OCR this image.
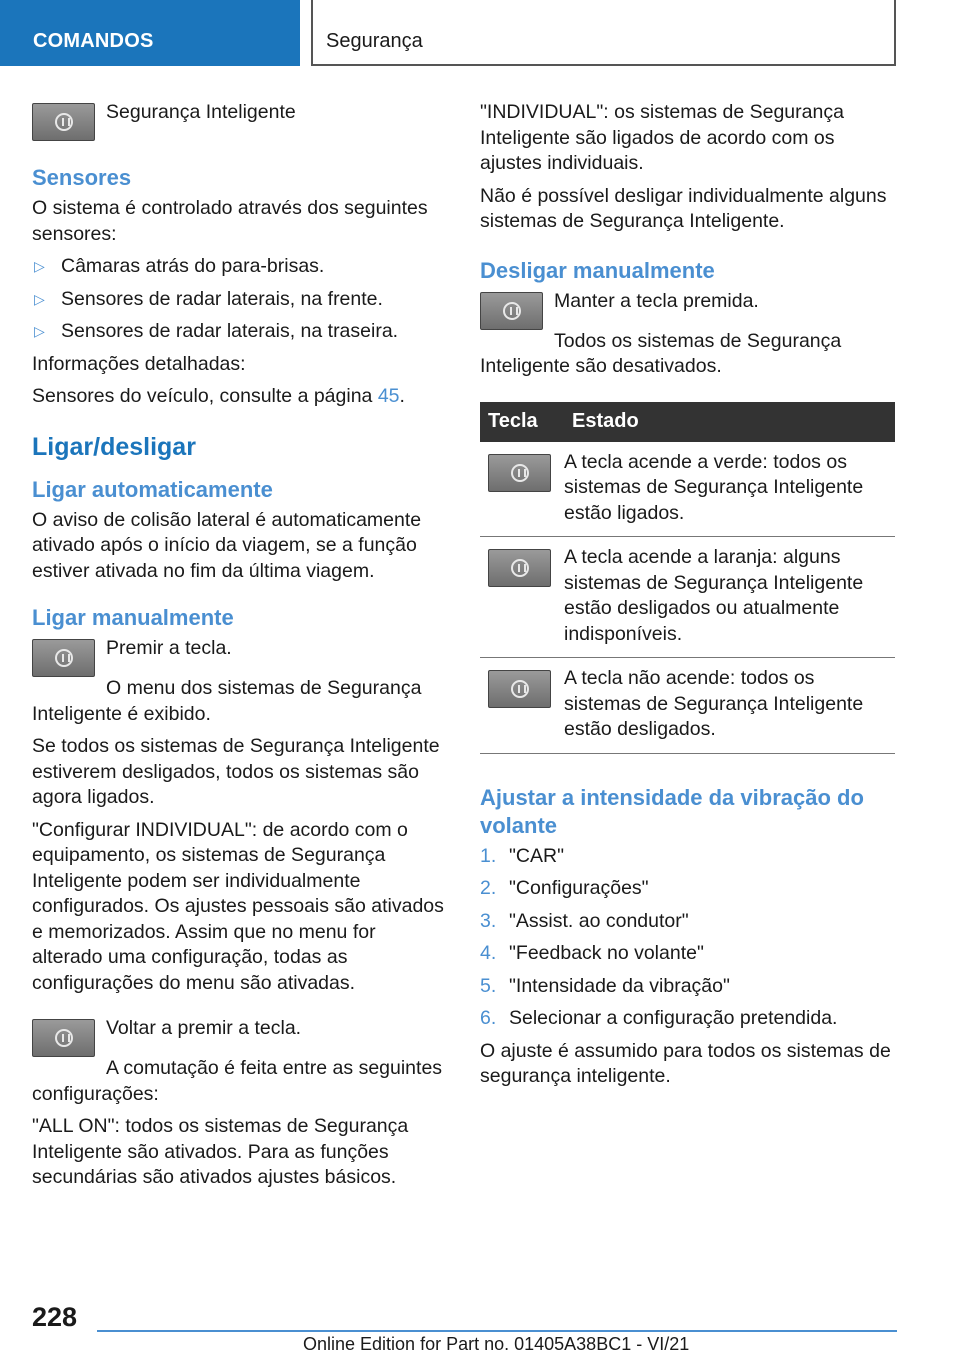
COMANDOS	Segurança

Segurança Inteligente

Sensores

O sistema é controlado através dos seguintes sensores:

▷ Câmaras atrás do para-brisas.
▷ Sensores de radar laterais, na frente.
▷ Sensores de radar laterais, na traseira.

Informações detalhadas:

Sensores do veículo, consulte a página 45.

Ligar/desligar
Ligar automaticamente

O aviso de colisão lateral é automaticamente ativado após o início da viagem, se a função estiver ativada no fim da última viagem.

Ligar manualmente

Premir a tecla.

O menu dos sistemas de Segurança Inteligente é exibido.

Se todos os sistemas de Segurança Inteligente estiverem desligados, todos os sistemas são agora ligados.

"Configurar INDIVIDUAL": de acordo com o equipamento, os sistemas de Segurança Inteligente podem ser individualmente configurados. Os ajustes pessoais são ativados e memorizados. Assim que no menu for alterado uma configuração, todas as configurações do menu são ativadas.

Voltar a premir a tecla.

A comutação é feita entre as seguintes configurações:

"ALL ON": todos os sistemas de Segurança Inteligente são ativados. Para as funções secundárias são ativados ajustes básicos.

"INDIVIDUAL": os sistemas de Segurança Inteligente são ligados de acordo com os ajustes individuais.

Não é possível desligar individualmente alguns sistemas de Segurança Inteligente.

Desligar manualmente

Manter a tecla premida.

Todos os sistemas de Segurança Inteligente são desativados.

Tecla	Estado

	A tecla acende a verde: todos os sistemas de Segurança Inteligente estão ligados.

	A tecla acende a laranja: alguns sistemas de Segurança Inteligente estão desligados ou atualmente indisponíveis.

	A tecla não acende: todos os sistemas de Segurança Inteligente estão desligados.
Ajustar a intensidade da vibração do volante
1. "CAR"
2. "Configurações"
3. "Assist. ao condutor"
4. "Feedback no volante"
5. "Intensidade da vibração"
6. Selecionar a configuração pretendida.

O ajuste é assumido para todos os sistemas de segurança inteligente.

228
Online Edition for Part no. 01405A38BC1 - VI/21
